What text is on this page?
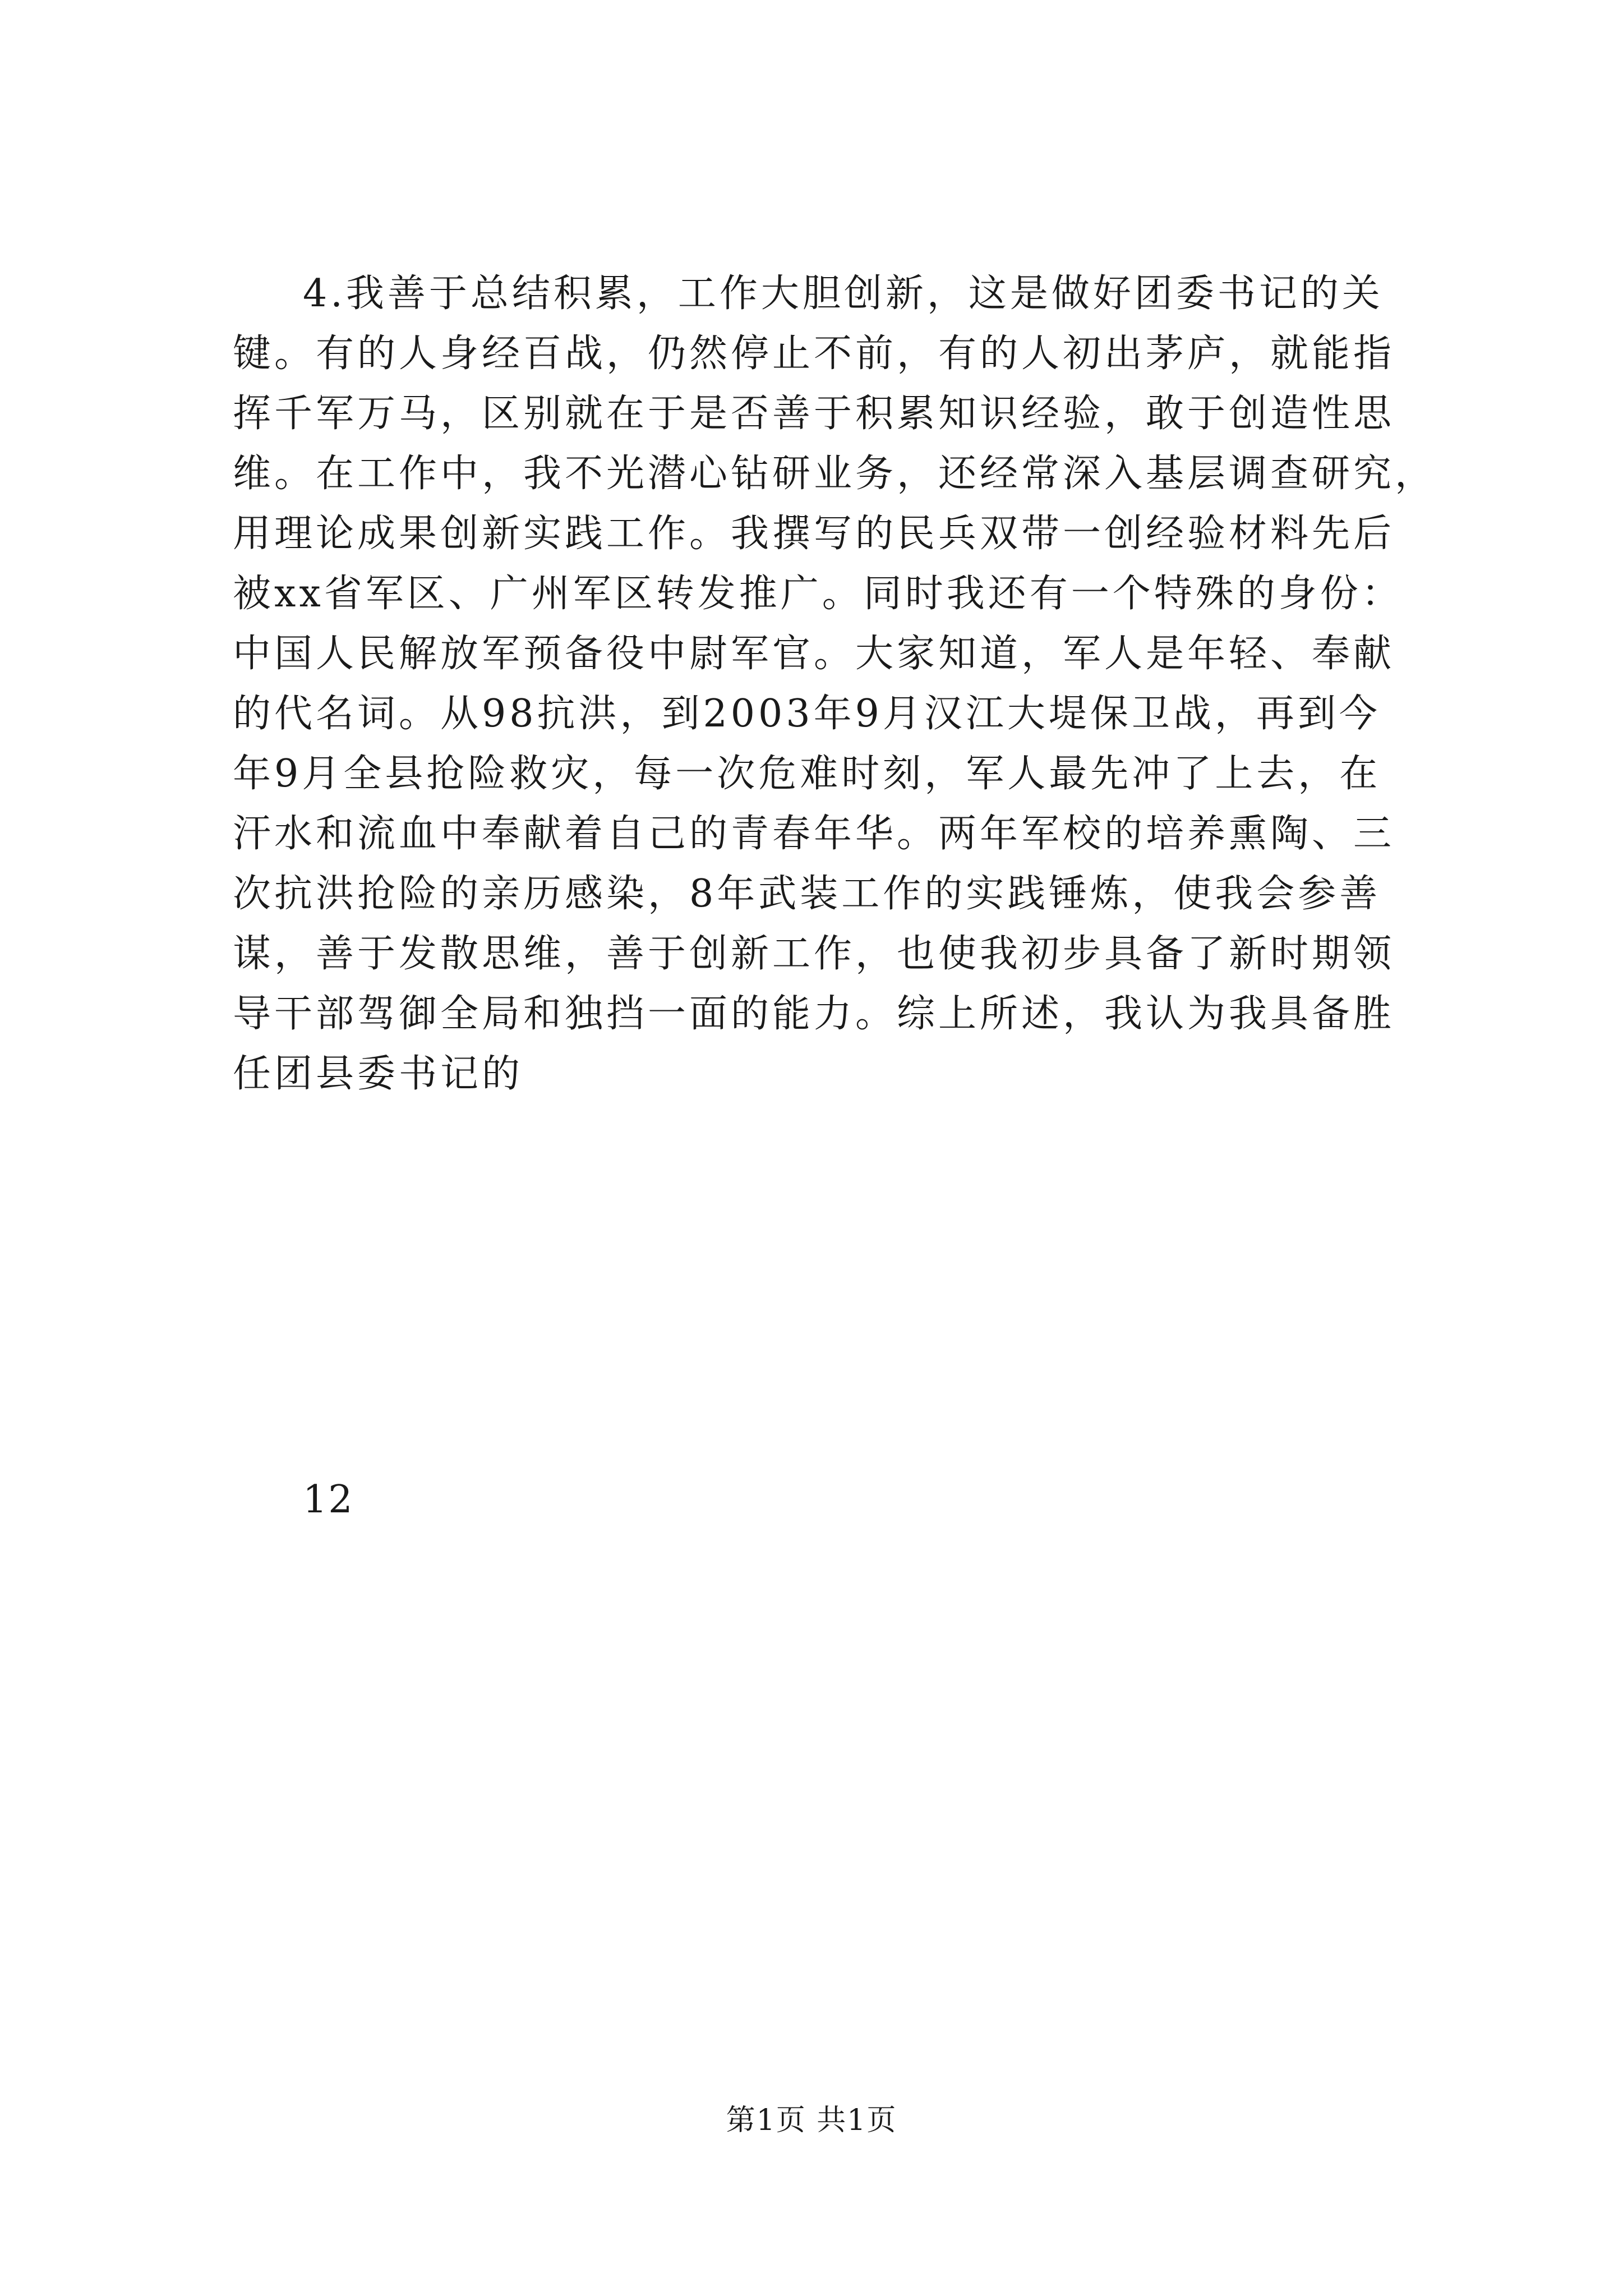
4.我善于总结积累，工作大胆创新，这是做好团委书记的关
键。有的人身经百战，仍然停止不前，有的人初出茅庐，就能指
挥千军万马，区别就在于是否善于积累知识经验，敢于创造性思
维。在工作中，我不光潜心钻研业务，还经常深入基层调查研究，
用理论成果创新实践工作。我撰写的民兵双带一创经验材料先后
被xx省军区、广州军区转发推广。同时我还有一个特殊的身份：
中国人民解放军预备役中尉军官。大家知道，军人是年轻、奉献
的代名词。从98抗洪，到2003年9月汉江大堤保卫战，再到今
年9月全县抢险救灾，每一次危难时刻，军人最先冲了上去，在
汗水和流血中奉献着自己的青春年华。两年军校的培养熏陶、三
次抗洪抢险的亲历感染，8年武装工作的实践锤炼，使我会参善
谋，善于发散思维，善于创新工作，也使我初步具备了新时期领
导干部驾御全局和独挡一面的能力。综上所述，我认为我具备胜
任团县委书记的
12
第1页 共1页
